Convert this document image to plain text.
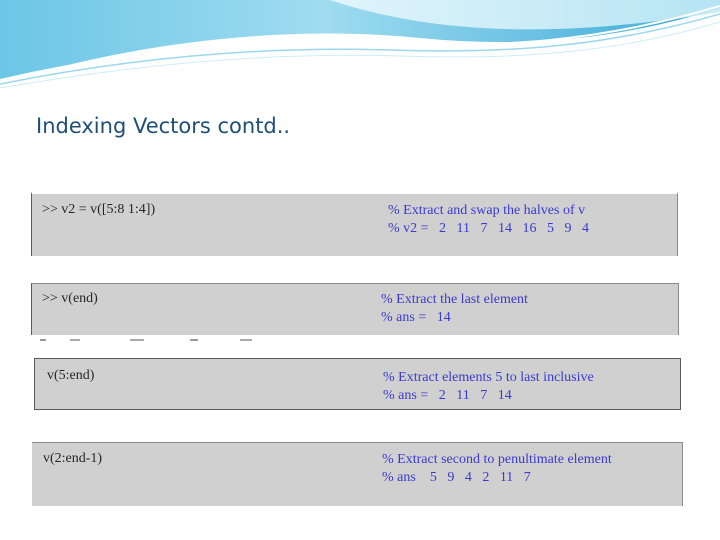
Indexing Vectors contd..
>> v2 = v([5:8 1:4])	% Extract and swap the halves of v
% v2 =   2   11   7   14   16   5   9   4
>> v(end)	% Extract the last element
% ans =   14
v(5:end)	% Extract elements 5 to last inclusive
% ans =   2   11   7   14
v(2:end-1)	% Extract second to penultimate element
% ans    5   9   4   2   11   7
